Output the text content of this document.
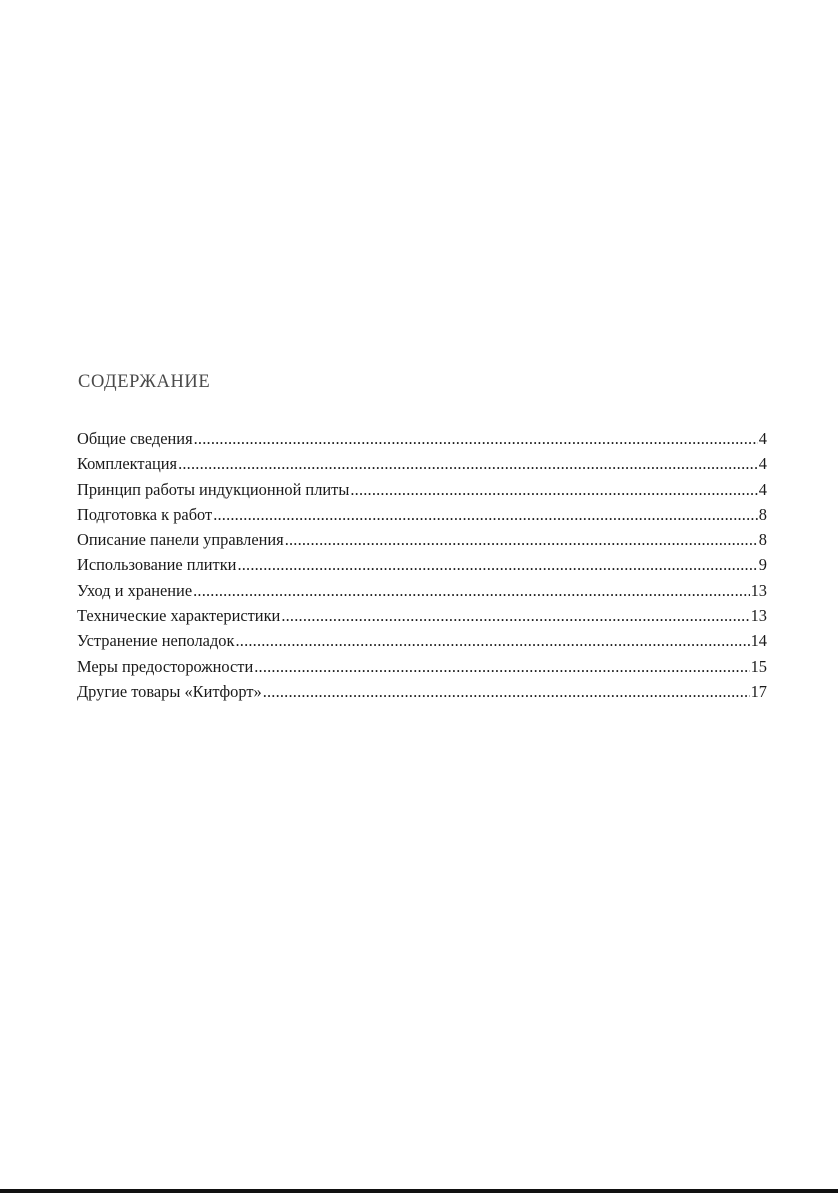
СОДЕРЖАНИЕ
Общие сведения .....	4
Комплектация .....	4
Принцип работы индукционной плиты .....	4
Подготовка к работ .....	8
Описание панели управления .....	8
Использование плитки .....	9
Уход и хранение .....	13
Технические характеристики .....	13
Устранение неполадок .....	14
Меры предосторожности .....	15
Другие товары «Китфорт» .....	17
